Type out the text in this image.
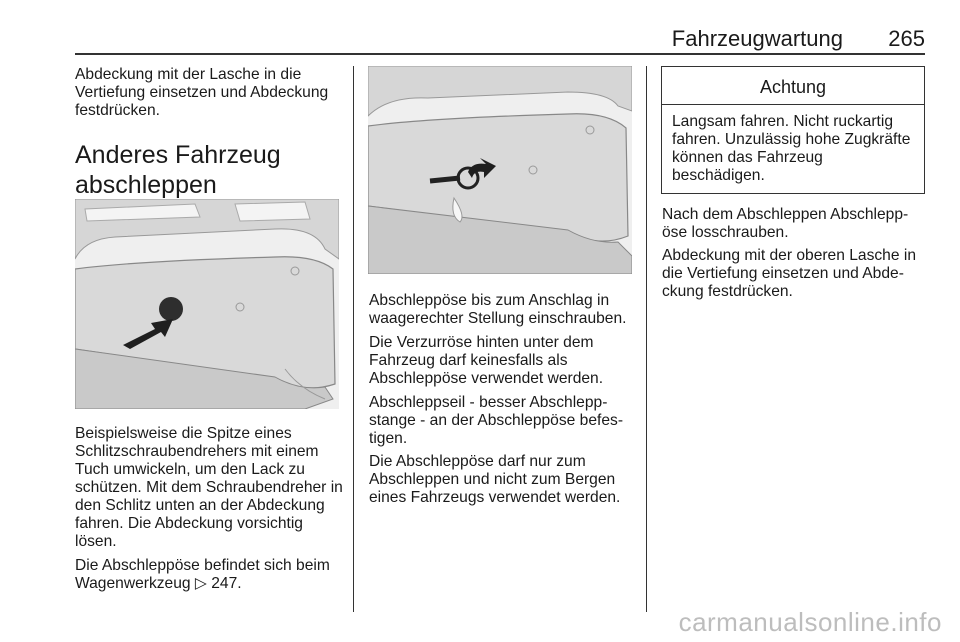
Fahrzeugwartung 265
Abdeckung mit der Lasche in die Vertiefung einsetzen und Abdeckung festdrücken.
Anderes Fahrzeug abschleppen
Beispielsweise die Spitze eines Schlitzschraubendrehers mit einem Tuch umwickeln, um den Lack zu schützen. Mit dem Schraubendreher in den Schlitz unten an der Abdeckung fahren. Die Abdeckung vorsichtig lösen.
Die Abschleppöse befindet sich beim Wagenwerkzeug ▷ 247.
Abschleppöse bis zum Anschlag in waagerechter Stellung einschrauben.
Die Verzurröse hinten unter dem Fahrzeug darf keinesfalls als Abschleppöse verwendet werden.
Abschleppseil - besser Abschleppstange - an der Abschleppöse befestigen.
Die Abschleppöse darf nur zum Abschleppen und nicht zum Bergen eines Fahrzeugs verwendet werden.
Achtung
Langsam fahren. Nicht ruckartig fahren. Unzulässig hohe Zugkräfte können das Fahrzeug beschädigen.
Nach dem Abschleppen Abschleppöse losschrauben.
Abdeckung mit der oberen Lasche in die Vertiefung einsetzen und Abdeckung festdrücken.
carmanualsonline.info
